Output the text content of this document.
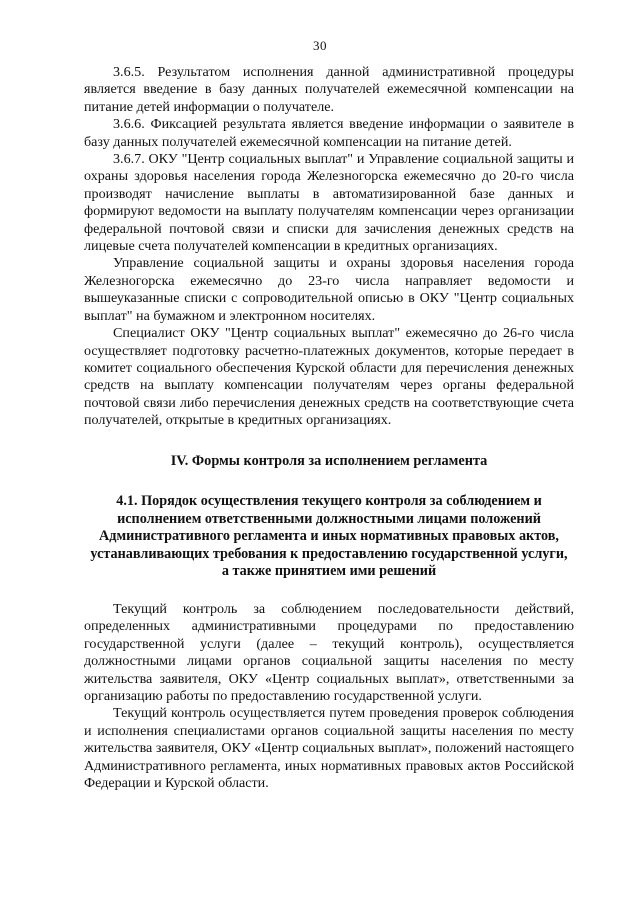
30

3.6.5. Результатом исполнения данной административной процедуры является введение в базу данных получателей ежемесячной компенсации на питание детей информации о получателе.

3.6.6. Фиксацией результата является введение информации о заявителе в базу данных получателей ежемесячной компенсации на питание детей.

3.6.7. ОКУ "Центр социальных выплат" и Управление социальной защиты и охраны здоровья населения города Железногорска ежемесячно до 20-го числа производят начисление выплаты в автоматизированной базе данных и формируют ведомости на выплату получателям компенсации через организации федеральной почтовой связи и списки для зачисления денежных средств на лицевые счета получателей компенсации в кредитных организациях.

Управление социальной защиты и охраны здоровья населения города Железногорска ежемесячно до 23-го числа направляет ведомости и вышеуказанные списки с сопроводительной описью в ОКУ "Центр социальных выплат" на бумажном и электронном носителях.

Специалист ОКУ "Центр социальных выплат" ежемесячно до 26-го числа осуществляет подготовку расчетно-платежных документов, которые передает в комитет социального обеспечения Курской области для перечисления денежных средств на выплату компенсации получателям через органы федеральной почтовой связи либо перечисления денежных средств на соответствующие счета получателей, открытые в кредитных организациях.

IV. Формы контроля за исполнением регламента
4.1. Порядок осуществления текущего контроля за соблюдением и исполнением ответственными должностными лицами положений Административного регламента и иных нормативных правовых актов, устанавливающих требования к предоставлению государственной услуги, а также принятием ими решений

Текущий контроль за соблюдением последовательности действий, определенных административными процедурами по предоставлению государственной услуги (далее – текущий контроль), осуществляется должностными лицами органов социальной защиты населения по месту жительства заявителя, ОКУ «Центр социальных выплат», ответственными за организацию работы по предоставлению государственной услуги.

Текущий контроль осуществляется путем проведения проверок соблюдения и исполнения специалистами органов социальной защиты населения по месту жительства заявителя, ОКУ «Центр социальных выплат», положений настоящего Административного регламента, иных нормативных правовых актов Российской Федерации и Курской области.
